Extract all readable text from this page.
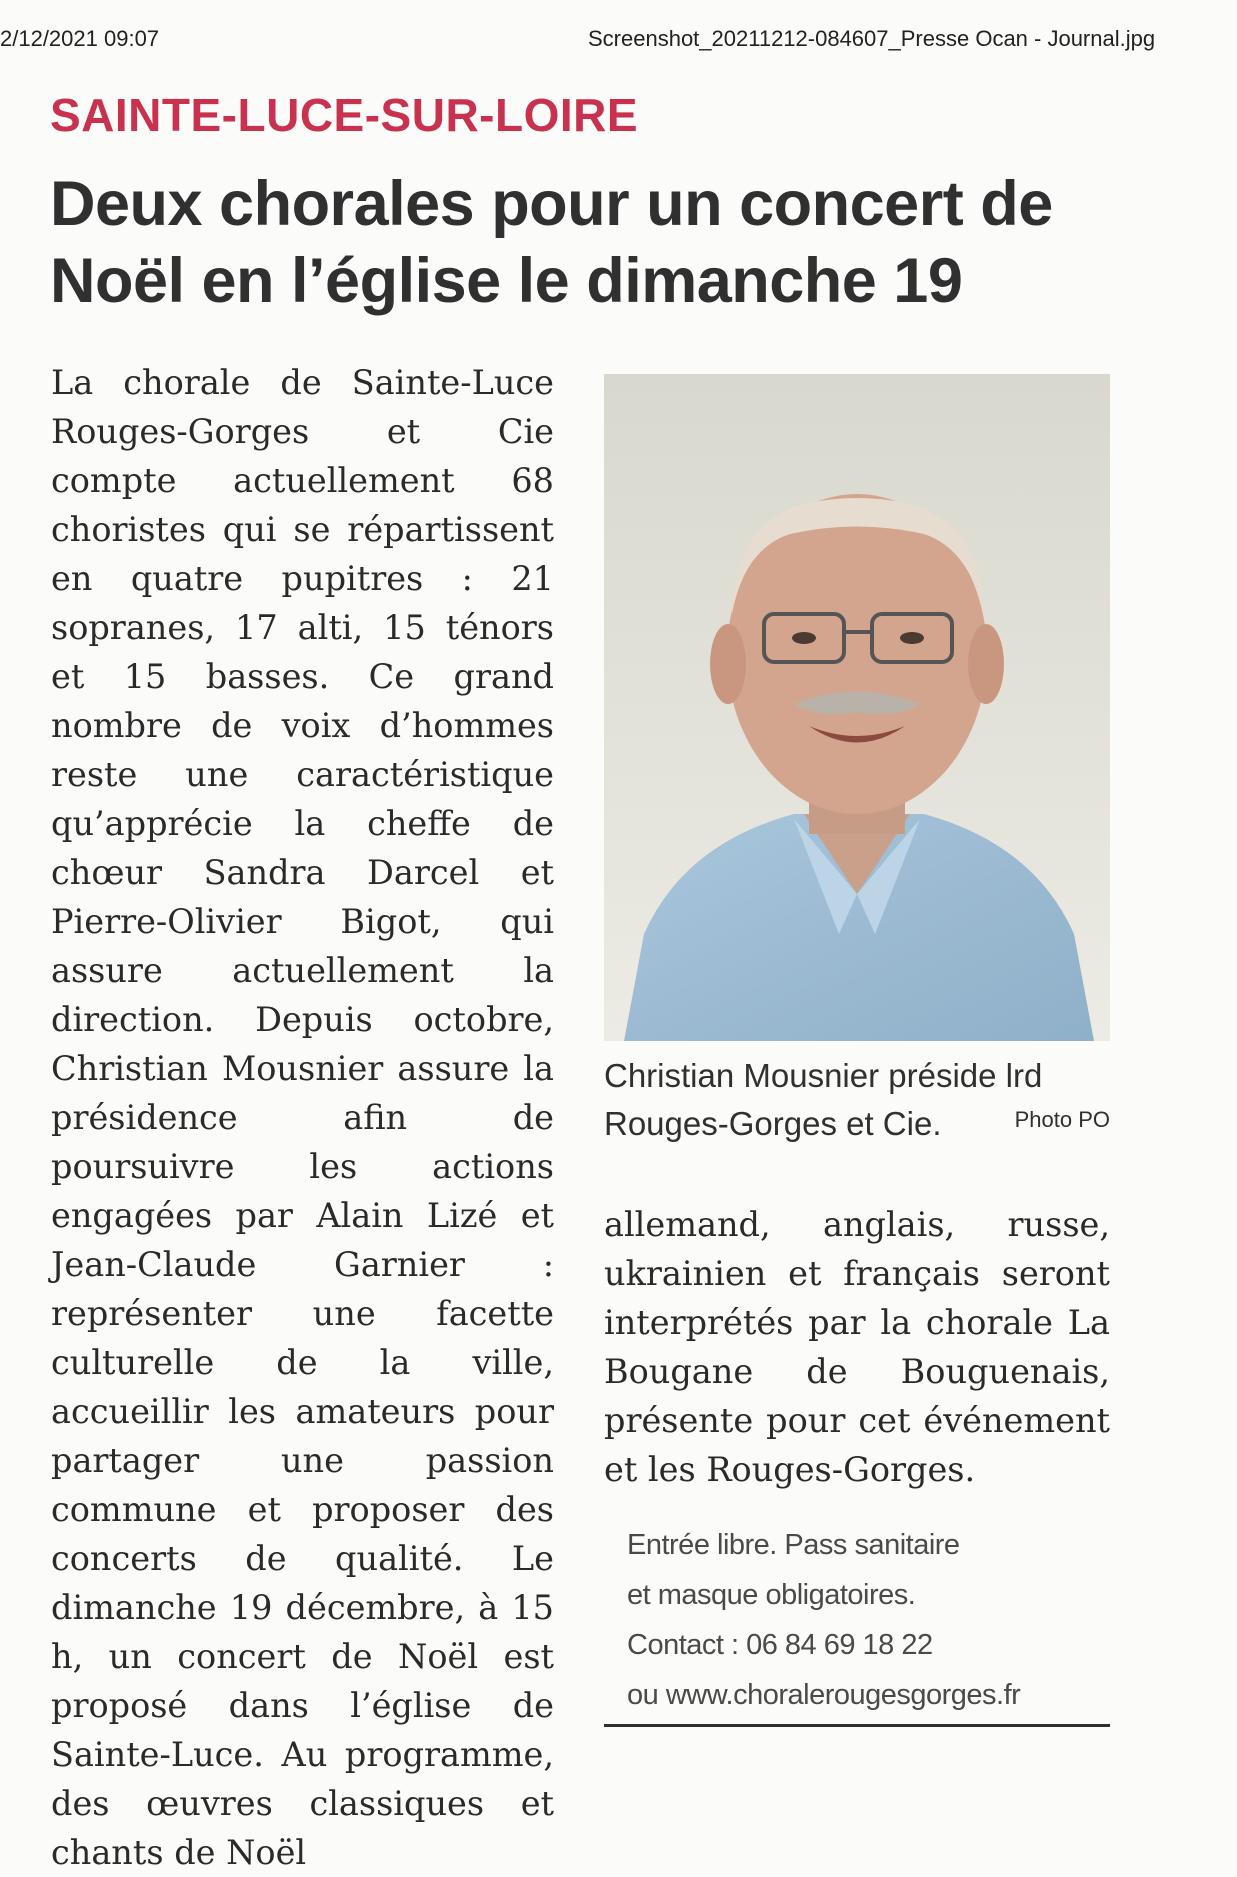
2/12/2021 09:07	Screenshot_20211212-084607_Presse Ocan - Journal.jpg
SAINTE-LUCE-SUR-LOIRE
Deux chorales pour un concert de Noël en l’église le dimanche 19
La chorale de Sainte-Luce Rouges-Gorges et Cie compte actuellement 68 choristes qui se répartissent en quatre pupitres : 21 sopranes, 17 alti, 15 ténors et 15 basses. Ce grand nombre de voix d’hommes reste une caractéristique qu’apprécie la cheffe de chœur Sandra Darcel et Pierre-Olivier Bigot, qui assure actuellement la direction. Depuis octobre, Christian Mousnier assure la présidence afin de poursuivre les actions engagées par Alain Lizé et Jean-Claude Garnier : représenter une facette culturelle de la ville, accueillir les amateurs pour partager une passion commune et proposer des concerts de qualité. Le dimanche 19 décembre, à 15 h, un concert de Noël est proposé dans l’église de Sainte-Luce. Au programme, des œuvres classiques et chants de Noël
Christian Mousnier préside lrd Rouges-Gorges et Cie.	Photo PO
allemand, anglais, russe, ukrainien et français seront interprétés par la chorale La Bougane de Bouguenais, présente pour cet événement et les Rouges-Gorges.
Entrée libre. Pass sanitaire
et masque obligatoires.
Contact : 06 84 69 18 22
ou www.choralerougesgorges.fr
